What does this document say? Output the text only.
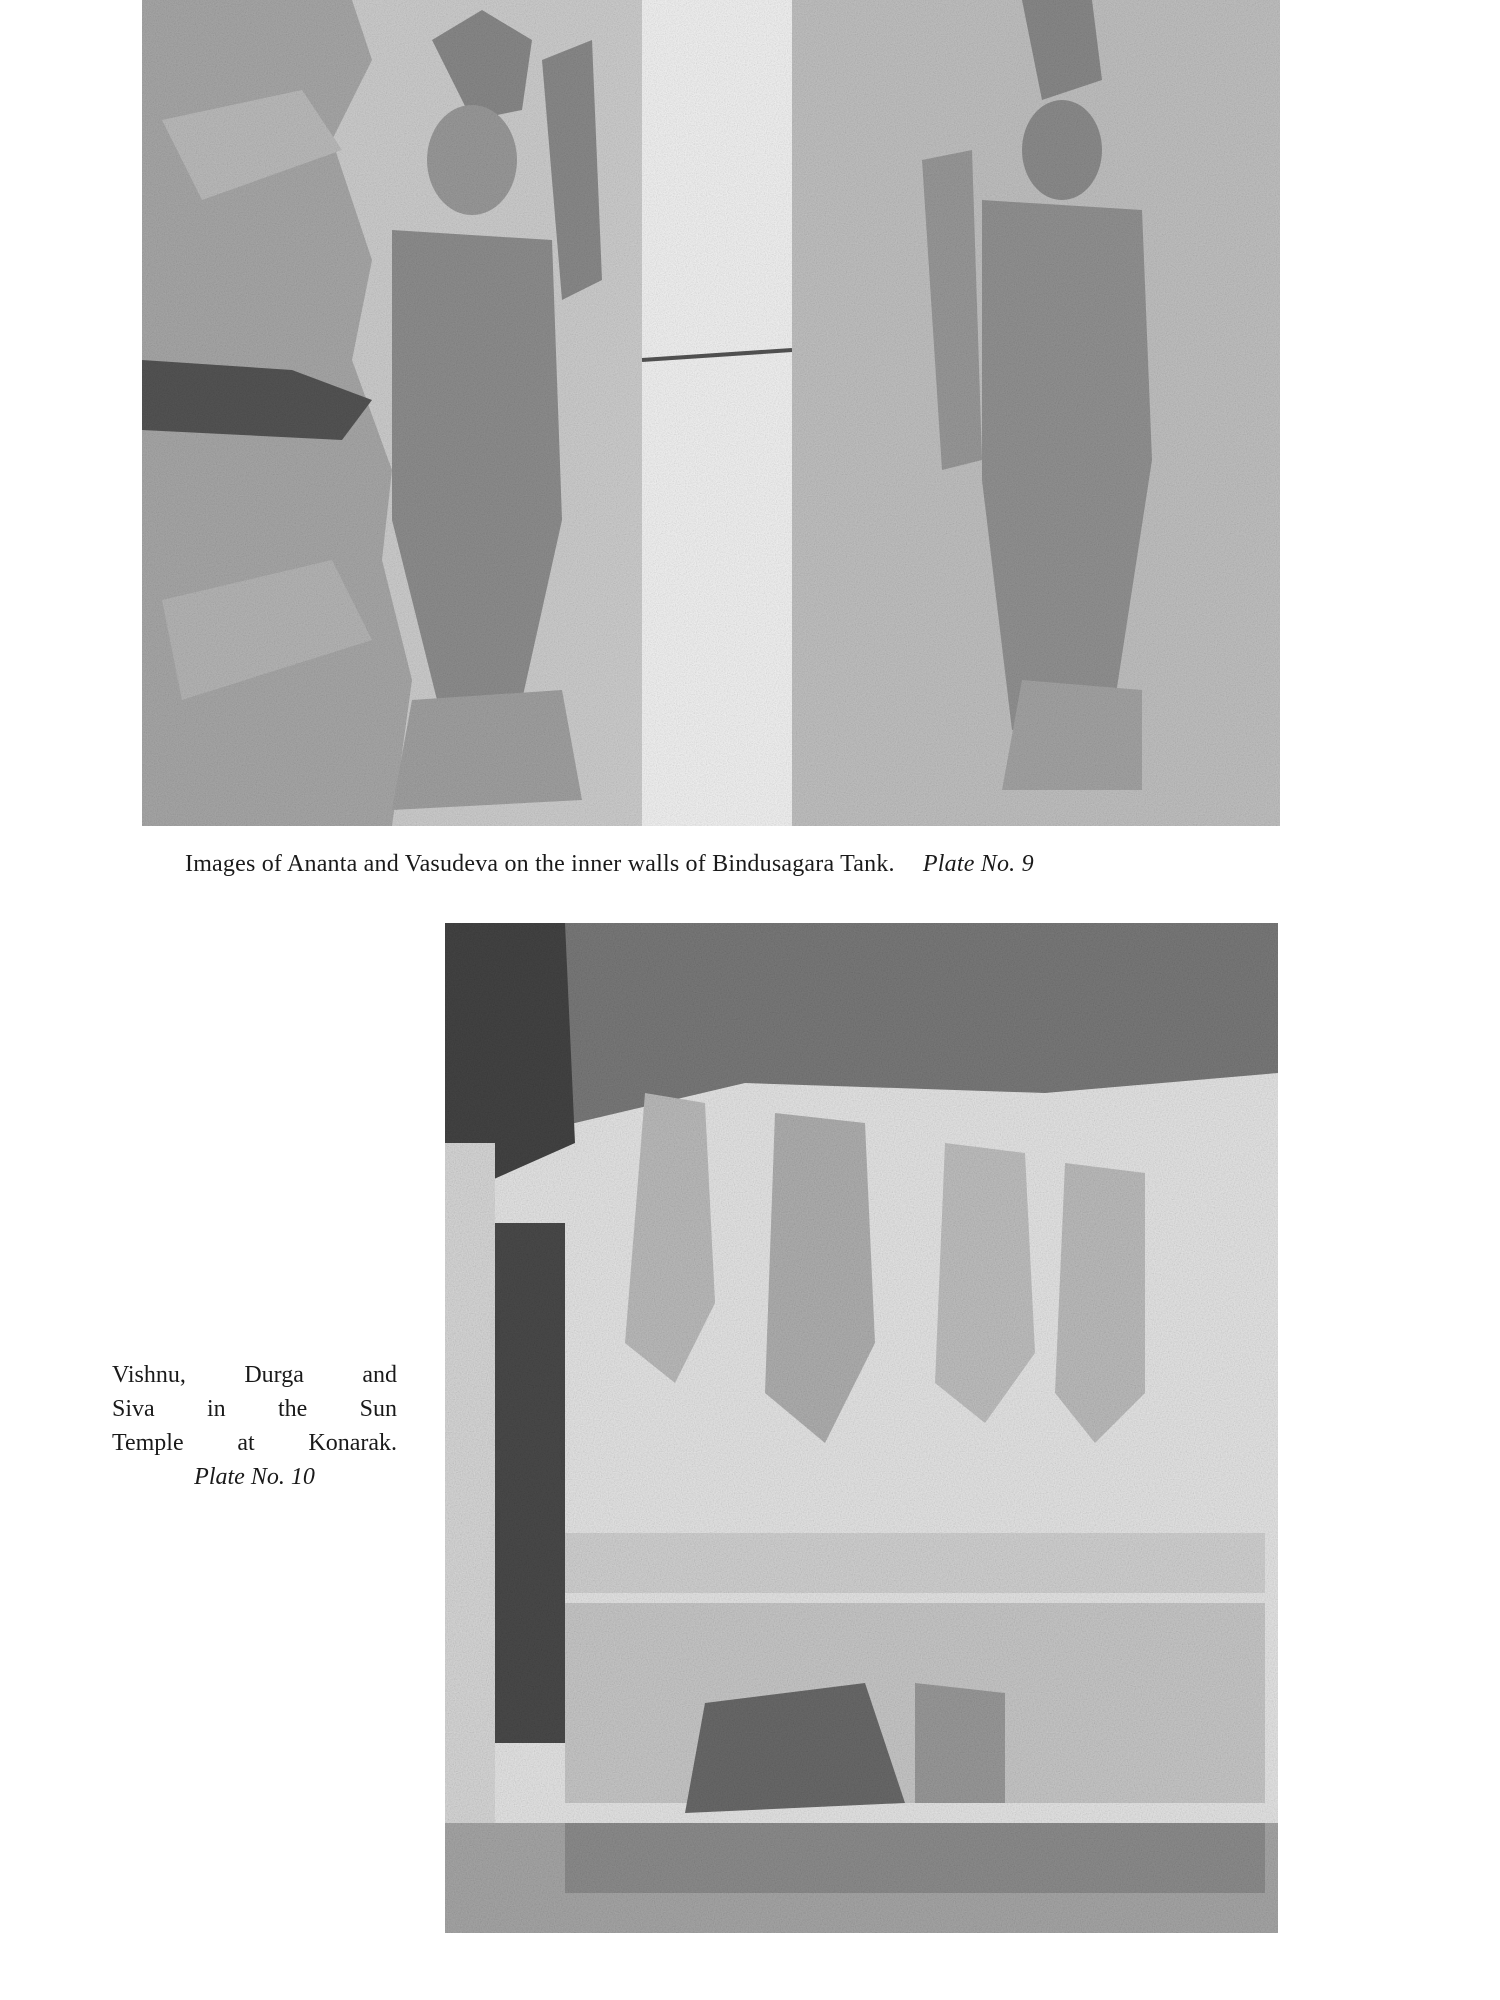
Images of Ananta and Vasudeva on the inner walls of Bindusagara Tank. Plate No. 9
Vishnu, Durga and
Siva in the Sun
Temple at Konarak.
Plate No. 10
